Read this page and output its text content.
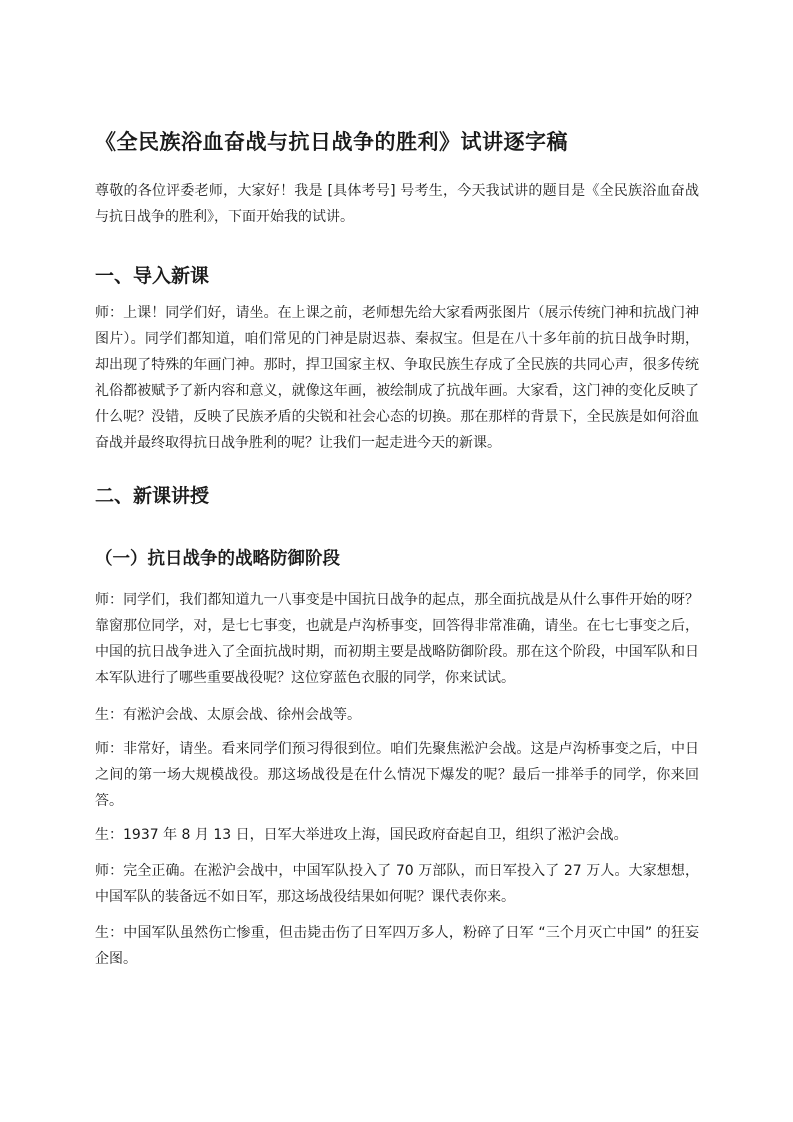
《全民族浴血奋战与抗日战争的胜利》试讲逐字稿

尊敬的各位评委老师，大家好！我是 [具体考号] 号考生，今天我试讲的题目是《全民族浴血奋战与抗日战争的胜利》，下面开始我的试讲。

一、导入新课

师：上课！同学们好，请坐。在上课之前，老师想先给大家看两张图片（展示传统门神和抗战门神图片）。同学们都知道，咱们常见的门神是尉迟恭、秦叔宝。但是在八十多年前的抗日战争时期，却出现了特殊的年画门神。那时，捍卫国家主权、争取民族生存成了全民族的共同心声，很多传统礼俗都被赋予了新内容和意义，就像这年画，被绘制成了抗战年画。大家看，这门神的变化反映了什么呢？没错，反映了民族矛盾的尖锐和社会心态的切换。那在那样的背景下，全民族是如何浴血奋战并最终取得抗日战争胜利的呢？让我们一起走进今天的新课。

二、新课讲授
（一）抗日战争的战略防御阶段

师：同学们，我们都知道九一八事变是中国抗日战争的起点，那全面抗战是从什么事件开始的呀？靠窗那位同学，对，是七七事变，也就是卢沟桥事变，回答得非常准确，请坐。在七七事变之后，中国的抗日战争进入了全面抗战时期，而初期主要是战略防御阶段。那在这个阶段，中国军队和日本军队进行了哪些重要战役呢？这位穿蓝色衣服的同学，你来试试。

生：有淞沪会战、太原会战、徐州会战等。

师：非常好，请坐。看来同学们预习得很到位。咱们先聚焦淞沪会战。这是卢沟桥事变之后，中日之间的第一场大规模战役。那这场战役是在什么情况下爆发的呢？最后一排举手的同学，你来回答。

生：1937 年 8 月 13 日，日军大举进攻上海，国民政府奋起自卫，组织了淞沪会战。

师：完全正确。在淞沪会战中，中国军队投入了 70 万部队，而日军投入了 27 万人。大家想想，中国军队的装备远不如日军，那这场战役结果如何呢？课代表你来。

生：中国军队虽然伤亡惨重，但击毙击伤了日军四万多人，粉碎了日军 “三个月灭亡中国” 的狂妄企图。
